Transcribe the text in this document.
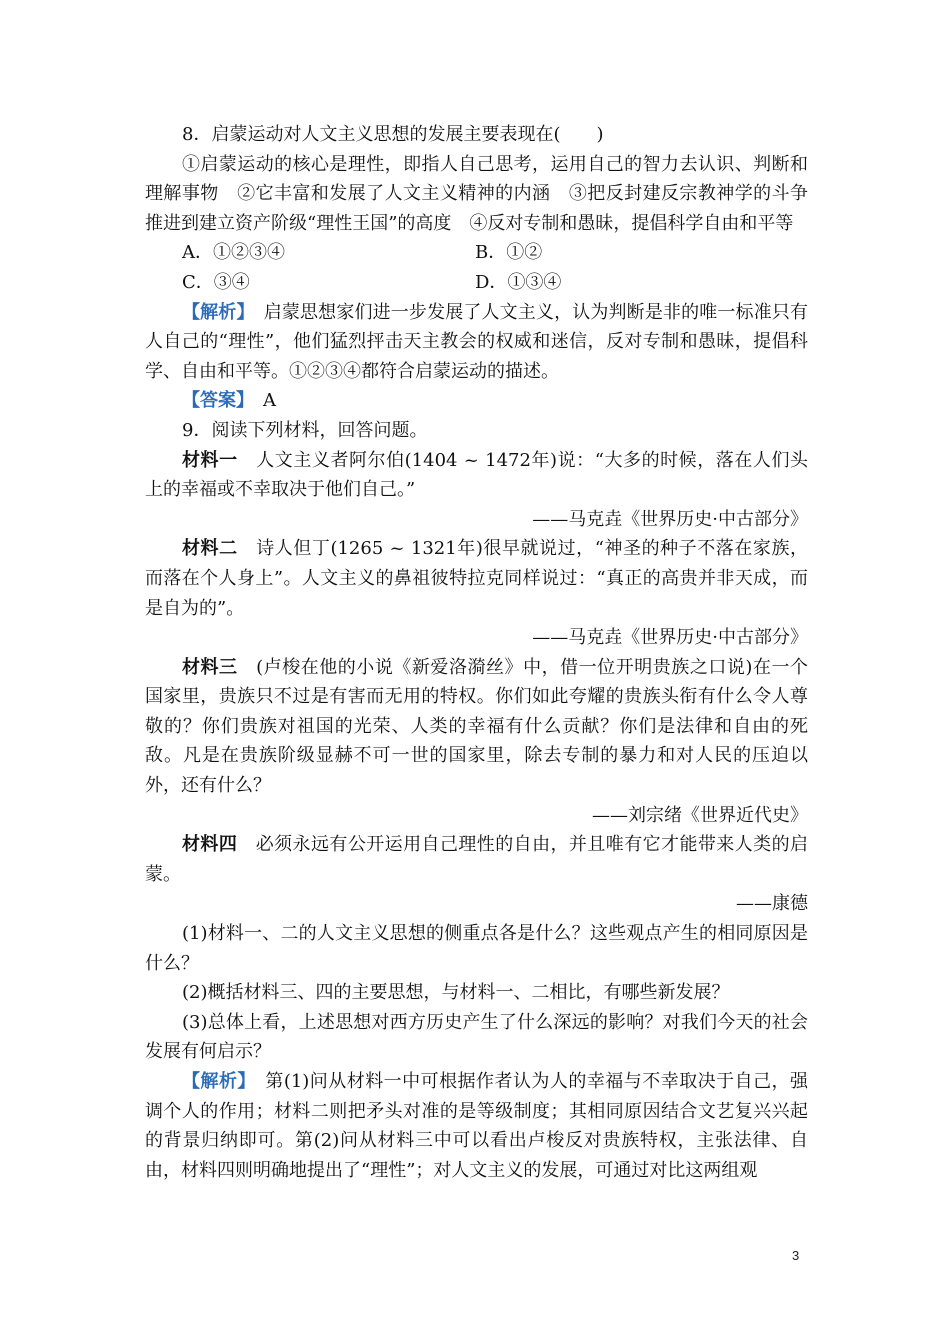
8．启蒙运动对人文主义思想的发展主要表现在(　　)

①启蒙运动的核心是理性，即指人自己思考，运用自己的智力去认识、判断和理解事物　②它丰富和发展了人文主义精神的内涵　③把反封建反宗教神学的斗争推进到建立资产阶级“理性王国”的高度　④反对专制和愚昧，提倡科学自由和平等

A．①②③④	B．①②

C．③④	D．①③④

【解析】　启蒙思想家们进一步发展了人文主义，认为判断是非的唯一标准只有人自己的“理性”，他们猛烈抨击天主教会的权威和迷信，反对专制和愚昧，提倡科学、自由和平等。①②③④都符合启蒙运动的描述。

【答案】　A

9．阅读下列材料，回答问题。

材料一　人文主义者阿尔伯(1404 ~ 1472年)说：“大多的时候，落在人们头上的幸福或不幸取决于他们自己。”

——马克垚《世界历史·中古部分》

材料二　诗人但丁(1265 ~ 1321年)很早就说过，“神圣的种子不落在家族，而落在个人身上”。人文主义的鼻祖彼特拉克同样说过：“真正的高贵并非天成，而是自为的”。

——马克垚《世界历史·中古部分》

材料三　(卢梭在他的小说《新爱洛漪丝》中，借一位开明贵族之口说)在一个国家里，贵族只不过是有害而无用的特权。你们如此夸耀的贵族头衔有什么令人尊敬的？你们贵族对祖国的光荣、人类的幸福有什么贡献？你们是法律和自由的死敌。凡是在贵族阶级显赫不可一世的国家里，除去专制的暴力和对人民的压迫以外，还有什么？

——刘宗绪《世界近代史》

材料四　必须永远有公开运用自己理性的自由，并且唯有它才能带来人类的启蒙。

——康德

(1)材料一、二的人文主义思想的侧重点各是什么？这些观点产生的相同原因是什么？

(2)概括材料三、四的主要思想，与材料一、二相比，有哪些新发展？

(3)总体上看，上述思想对西方历史产生了什么深远的影响？对我们今天的社会发展有何启示？

【解析】　第(1)问从材料一中可根据作者认为人的幸福与不幸取决于自己，强调个人的作用；材料二则把矛头对准的是等级制度；其相同原因结合文艺复兴兴起的背景归纳即可。第(2)问从材料三中可以看出卢梭反对贵族特权，主张法律、自由，材料四则明确地提出了“理性”；对人文主义的发展，可通过对比这两组观

3
